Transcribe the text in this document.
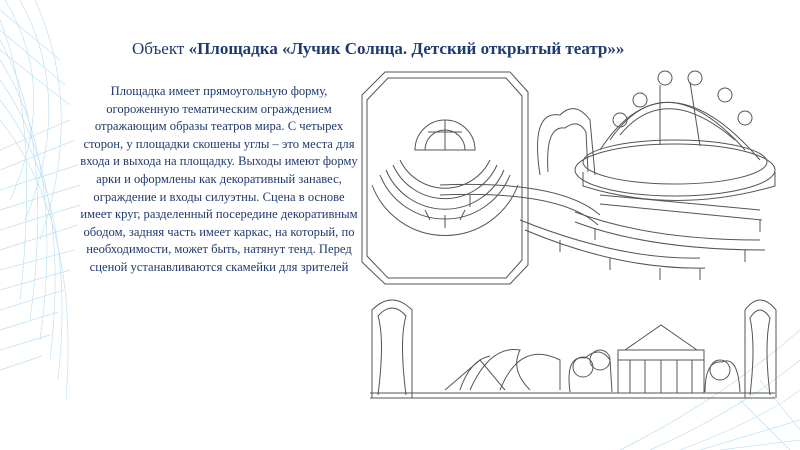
Объект «Площадка «Лучик Солнца. Детский открытый театр»»
Площадка имеет прямоугольную форму, огороженную тематическим ограждением отражающим образы театров мира. С четырех сторон, у площадки скошены углы – это места для входа и выхода на площадку. Выходы имеют форму арки и оформлены как декоративный занавес, ограждение и входы силуэтны. Сцена в основе имеет круг, разделенный посередине декоративным ободом, задняя часть имеет каркас, на который, по необходимости, может быть, натянут тенд. Перед сценой устанавливаются скамейки для зрителей
